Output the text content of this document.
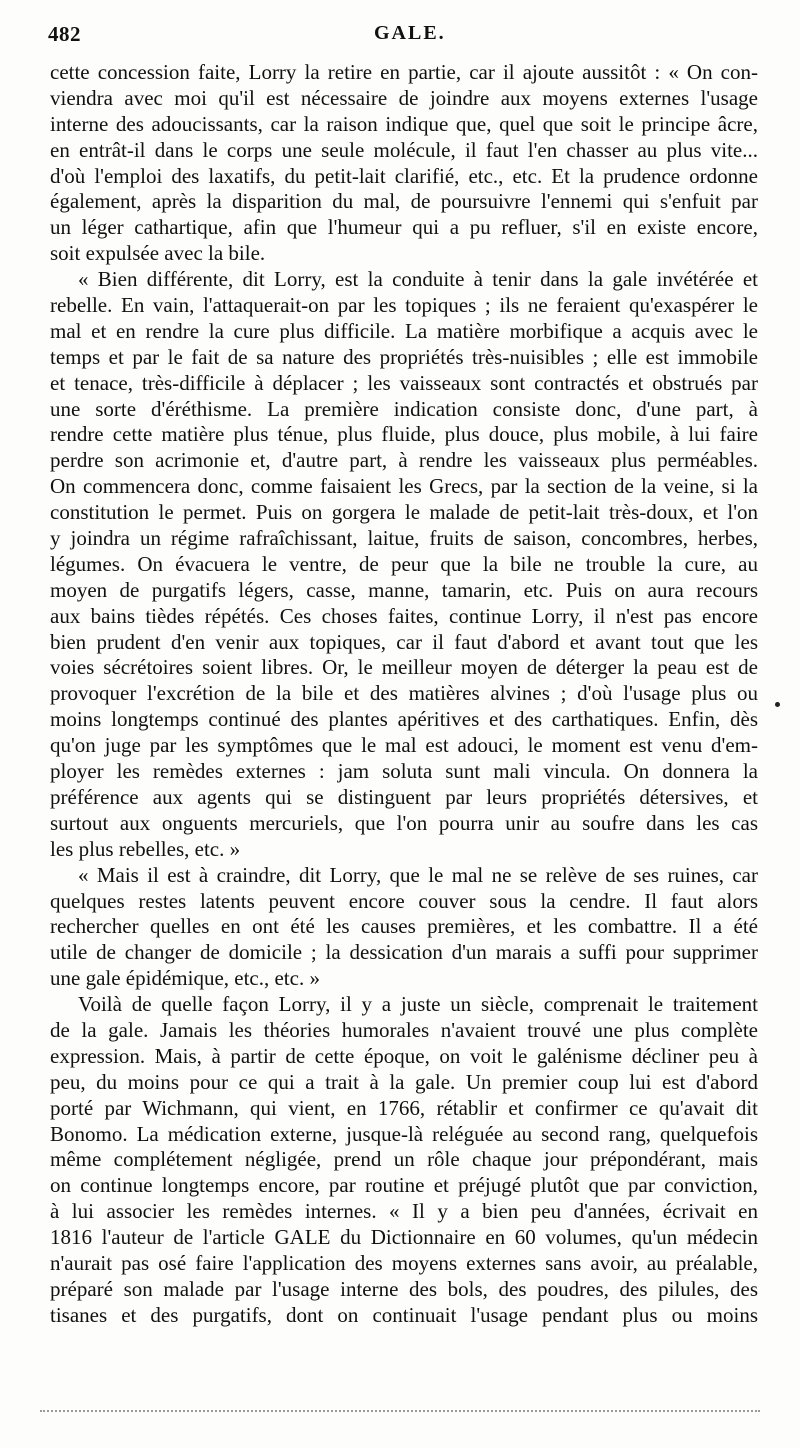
482	GALE.
cette concession faite, Lorry la retire en partie, car il ajoute aussitôt : « On con-
viendra avec moi qu'il est nécessaire de joindre aux moyens externes l'usage
interne des adoucissants, car la raison indique que, quel que soit le principe âcre,
en entrât-il dans le corps une seule molécule, il faut l'en chasser au plus vite...
d'où l'emploi des laxatifs, du petit-lait clarifié, etc., etc. Et la prudence ordonne
également, après la disparition du mal, de poursuivre l'ennemi qui s'enfuit par
un léger cathartique, afin que l'humeur qui a pu refluer, s'il en existe encore,
soit expulsée avec la bile.
« Bien différente, dit Lorry, est la conduite à tenir dans la gale invétérée et
rebelle. En vain, l'attaquerait-on par les topiques ; ils ne feraient qu'exaspérer le
mal et en rendre la cure plus difficile. La matière morbifique a acquis avec le
temps et par le fait de sa nature des propriétés très-nuisibles ; elle est immobile
et tenace, très-difficile à déplacer ; les vaisseaux sont contractés et obstrués par
une sorte d'éréthisme. La première indication consiste donc, d'une part, à
rendre cette matière plus ténue, plus fluide, plus douce, plus mobile, à lui faire
perdre son acrimonie et, d'autre part, à rendre les vaisseaux plus perméables.
On commencera donc, comme faisaient les Grecs, par la section de la veine, si la
constitution le permet. Puis on gorgera le malade de petit-lait très-doux, et l'on
y joindra un régime rafraîchissant, laitue, fruits de saison, concombres, herbes,
légumes. On évacuera le ventre, de peur que la bile ne trouble la cure, au
moyen de purgatifs légers, casse, manne, tamarin, etc. Puis on aura recours
aux bains tièdes répétés. Ces choses faites, continue Lorry, il n'est pas encore
bien prudent d'en venir aux topiques, car il faut d'abord et avant tout que les
voies sécrétoires soient libres. Or, le meilleur moyen de déterger la peau est de
provoquer l'excrétion de la bile et des matières alvines ; d'où l'usage plus ou
moins longtemps continué des plantes apéritives et des carthatiques. Enfin, dès
qu'on juge par les symptômes que le mal est adouci, le moment est venu d'em-
ployer les remèdes externes : jam soluta sunt mali vincula. On donnera la
préférence aux agents qui se distinguent par leurs propriétés détersives, et
surtout aux onguents mercuriels, que l'on pourra unir au soufre dans les cas
les plus rebelles, etc. »
« Mais il est à craindre, dit Lorry, que le mal ne se relève de ses ruines, car
quelques restes latents peuvent encore couver sous la cendre. Il faut alors
rechercher quelles en ont été les causes premières, et les combattre. Il a été
utile de changer de domicile ; la dessication d'un marais a suffi pour supprimer
une gale épidémique, etc., etc. »
Voilà de quelle façon Lorry, il y a juste un siècle, comprenait le traitement
de la gale. Jamais les théories humorales n'avaient trouvé une plus complète
expression. Mais, à partir de cette époque, on voit le galénisme décliner peu à
peu, du moins pour ce qui a trait à la gale. Un premier coup lui est d'abord
porté par Wichmann, qui vient, en 1766, rétablir et confirmer ce qu'avait dit
Bonomo. La médication externe, jusque-là reléguée au second rang, quelquefois
même complétement négligée, prend un rôle chaque jour prépondérant, mais
on continue longtemps encore, par routine et préjugé plutôt que par conviction,
à lui associer les remèdes internes. « Il y a bien peu d'années, écrivait en
1816 l'auteur de l'article GALE du Dictionnaire en 60 volumes, qu'un médecin
n'aurait pas osé faire l'application des moyens externes sans avoir, au préalable,
préparé son malade par l'usage interne des bols, des poudres, des pilules, des
tisanes et des purgatifs, dont on continuait l'usage pendant plus ou moins
